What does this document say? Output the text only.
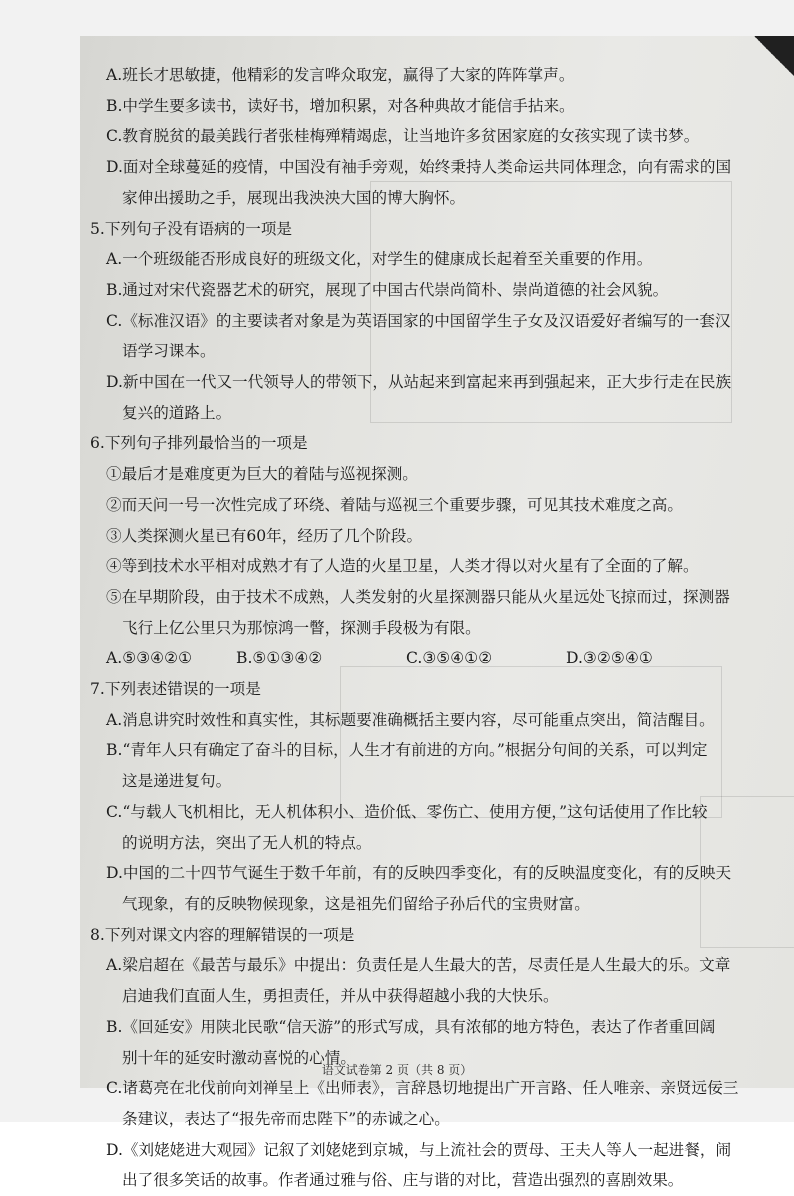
A.班长才思敏捷，他精彩的发言哗众取宠，赢得了大家的阵阵掌声。
B.中学生要多读书，读好书，增加积累，对各种典故才能信手拈来。
C.教育脱贫的最美践行者张桂梅殚精竭虑，让当地许多贫困家庭的女孩实现了读书梦。
D.面对全球蔓延的疫情，中国没有袖手旁观，始终秉持人类命运共同体理念，向有需求的国
家伸出援助之手，展现出我泱泱大国的博大胸怀。
5.下列句子没有语病的一项是
A.一个班级能否形成良好的班级文化，对学生的健康成长起着至关重要的作用。
B.通过对宋代瓷器艺术的研究，展现了中国古代崇尚简朴、崇尚道德的社会风貌。
C.《标准汉语》的主要读者对象是为英语国家的中国留学生子女及汉语爱好者编写的一套汉
语学习课本。
D.新中国在一代又一代领导人的带领下，从站起来到富起来再到强起来，正大步行走在民族
复兴的道路上。
6.下列句子排列最恰当的一项是
①最后才是难度更为巨大的着陆与巡视探测。
②而天问一号一次性完成了环绕、着陆与巡视三个重要步骤，可见其技术难度之高。
③人类探测火星已有60年，经历了几个阶段。
④等到技术水平相对成熟才有了人造的火星卫星，人类才得以对火星有了全面的了解。
⑤在早期阶段，由于技术不成熟，人类发射的火星探测器只能从火星远处飞掠而过，探测器
飞行上亿公里只为那惊鸿一瞥，探测手段极为有限。
A.⑤③④②①	B.⑤①③④②	C.③⑤④①②	D.③②⑤④①
7.下列表述错误的一项是
A.消息讲究时效性和真实性，其标题要准确概括主要内容，尽可能重点突出，简洁醒目。
B.“青年人只有确定了奋斗的目标，人生才有前进的方向。”根据分句间的关系，可以判定
这是递进复句。
C.“与载人飞机相比，无人机体积小、造价低、零伤亡、使用方便，”这句话使用了作比较
的说明方法，突出了无人机的特点。
D.中国的二十四节气诞生于数千年前，有的反映四季变化，有的反映温度变化，有的反映天
气现象，有的反映物候现象，这是祖先们留给子孙后代的宝贵财富。
8.下列对课文内容的理解错误的一项是
A.梁启超在《最苦与最乐》中提出：负责任是人生最大的苦，尽责任是人生最大的乐。文章
启迪我们直面人生，勇担责任，并从中获得超越小我的大快乐。
B.《回延安》用陕北民歌“信天游”的形式写成，具有浓郁的地方特色，表达了作者重回阔
别十年的延安时激动喜悦的心情。
C.诸葛亮在北伐前向刘禅呈上《出师表》，言辞恳切地提出广开言路、任人唯亲、亲贤远佞三
条建议，表达了“报先帝而忠陛下”的赤诚之心。
D.《刘姥姥进大观园》记叙了刘姥姥到京城，与上流社会的贾母、王夫人等人一起进餐，闹
出了很多笑话的故事。作者通过雅与俗、庄与谐的对比，营造出强烈的喜剧效果。
语文试卷第 2 页（共 8 页）
